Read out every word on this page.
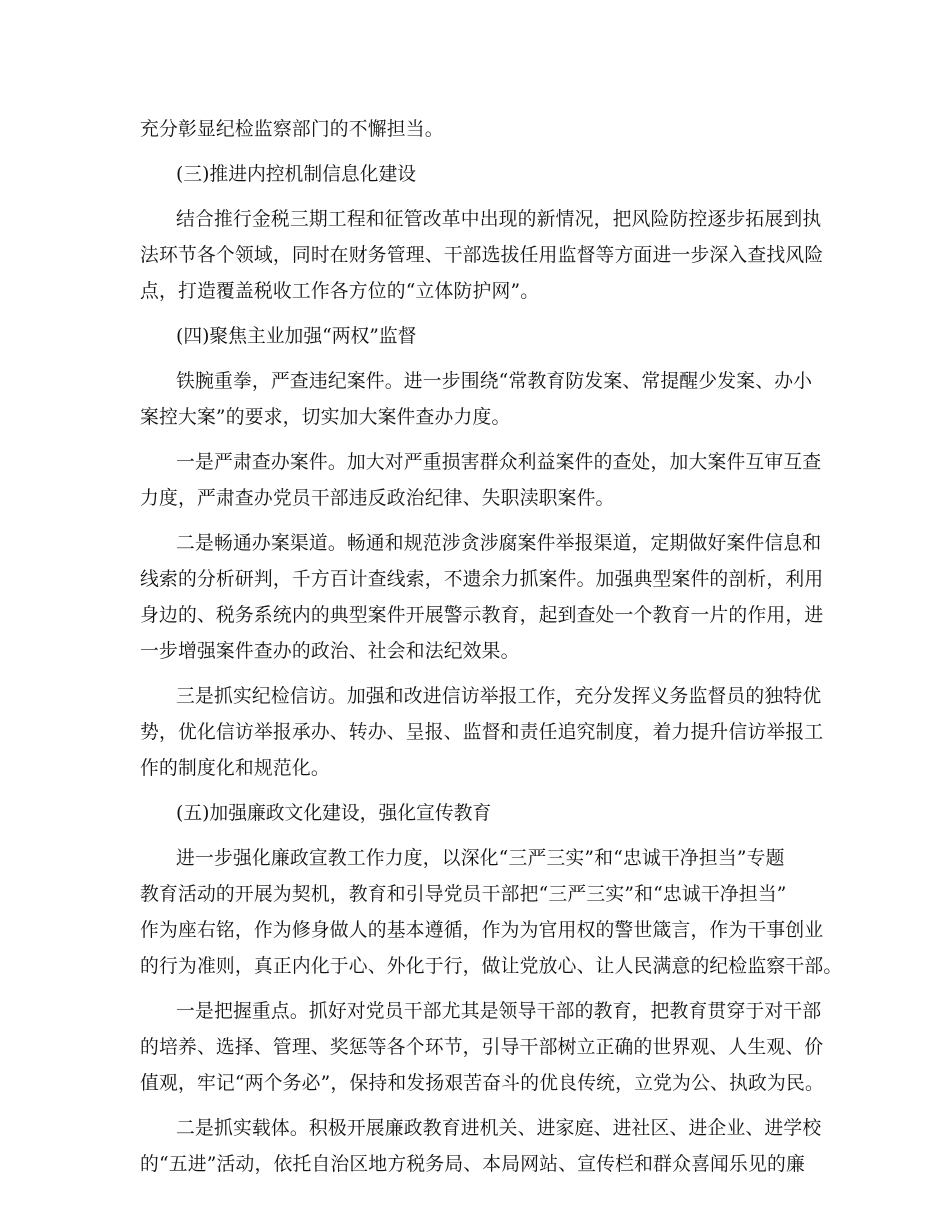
充分彰显纪检监察部门的不懈担当。

(三)推进内控机制信息化建设

结合推行金税三期工程和征管改革中出现的新情况，把风险防控逐步拓展到执
法环节各个领域，同时在财务管理、干部选拔任用监督等方面进一步深入查找风险
点，打造覆盖税收工作各方位的“立体防护网”。

(四)聚焦主业加强“两权”监督

铁腕重拳，严查违纪案件。进一步围绕“常教育防发案、常提醒少发案、办小
案控大案”的要求，切实加大案件查办力度。

一是严肃查办案件。加大对严重损害群众利益案件的查处，加大案件互审互查
力度，严肃查办党员干部违反政治纪律、失职渎职案件。

二是畅通办案渠道。畅通和规范涉贪涉腐案件举报渠道，定期做好案件信息和
线索的分析研判，千方百计查线索，不遗余力抓案件。加强典型案件的剖析，利用
身边的、税务系统内的典型案件开展警示教育，起到查处一个教育一片的作用，进
一步增强案件查办的政治、社会和法纪效果。

三是抓实纪检信访。加强和改进信访举报工作，充分发挥义务监督员的独特优
势，优化信访举报承办、转办、呈报、监督和责任追究制度，着力提升信访举报工
作的制度化和规范化。

(五)加强廉政文化建设，强化宣传教育

进一步强化廉政宣教工作力度，以深化“三严三实”和“忠诚干净担当”专题
教育活动的开展为契机，教育和引导党员干部把“三严三实”和“忠诚干净担当”
作为座右铭，作为修身做人的基本遵循，作为为官用权的警世箴言，作为干事创业
的行为准则，真正内化于心、外化于行，做让党放心、让人民满意的纪检监察干部。

一是把握重点。抓好对党员干部尤其是领导干部的教育，把教育贯穿于对干部
的培养、选择、管理、奖惩等各个环节，引导干部树立正确的世界观、人生观、价
值观，牢记“两个务必”，保持和发扬艰苦奋斗的优良传统，立党为公、执政为民。

二是抓实载体。积极开展廉政教育进机关、进家庭、进社区、进企业、进学校
的“五进”活动，依托自治区地方税务局、本局网站、宣传栏和群众喜闻乐见的廉
